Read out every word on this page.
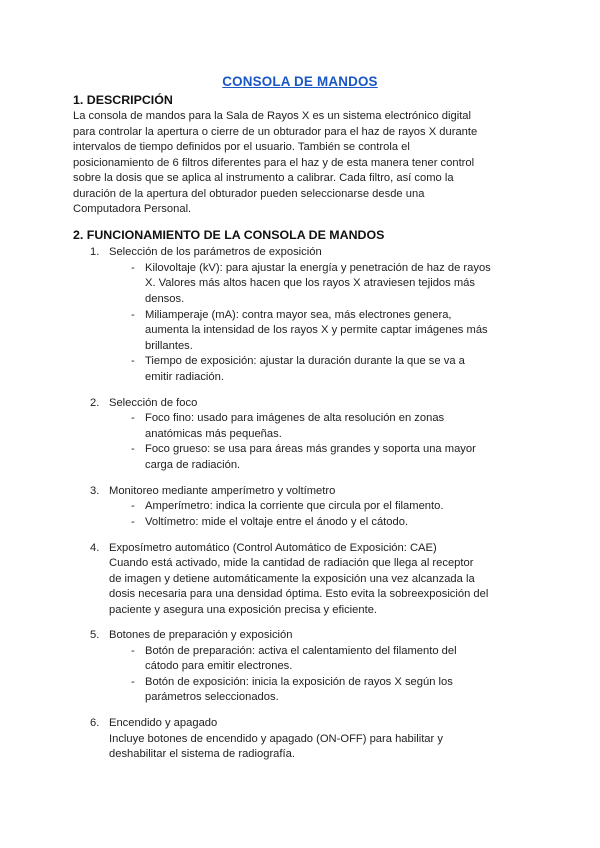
CONSOLA DE MANDOS
1. DESCRIPCIÓN
La consola de mandos para la Sala de Rayos X es un sistema electrónico digital
para controlar la apertura o cierre de un obturador para el haz de rayos X durante
intervalos de tiempo definidos por el usuario. También se controla el
posicionamiento de 6 filtros diferentes para el haz y de esta manera tener control
sobre la dosis que se aplica al instrumento a calibrar. Cada filtro, así como la
duración de la apertura del obturador pueden seleccionarse desde una
Computadora Personal.
2. FUNCIONAMIENTO DE LA CONSOLA DE MANDOS
1. Selección de los parámetros de exposición
- Kilovoltaje (kV): para ajustar la energía y penetración de haz de rayos
X. Valores más altos hacen que los rayos X atraviesen tejidos más
densos.
- Miliamperaje (mA): contra mayor sea, más electrones genera,
aumenta la intensidad de los rayos X y permite captar imágenes más
brillantes.
- Tiempo de exposición: ajustar la duración durante la que se va a
emitir radiación.
2. Selección de foco
- Foco fino: usado para imágenes de alta resolución en zonas
anatómicas más pequeñas.
- Foco grueso: se usa para áreas más grandes y soporta una mayor
carga de radiación.
3. Monitoreo mediante amperímetro y voltímetro
- Amperímetro: indica la corriente que circula por el filamento.
- Voltímetro: mide el voltaje entre el ánodo y el cátodo.
4. Exposímetro automático (Control Automático de Exposición: CAE)
Cuando está activado, mide la cantidad de radiación que llega al receptor
de imagen y detiene automáticamente la exposición una vez alcanzada la
dosis necesaria para una densidad óptima. Esto evita la sobreexposición del
paciente y asegura una exposición precisa y eficiente.
5. Botones de preparación y exposición
- Botón de preparación: activa el calentamiento del filamento del
cátodo para emitir electrones.
- Botón de exposición: inicia la exposición de rayos X según los
parámetros seleccionados.
6. Encendido y apagado
Incluye botones de encendido y apagado (ON-OFF) para habilitar y
deshabilitar el sistema de radiografía.
